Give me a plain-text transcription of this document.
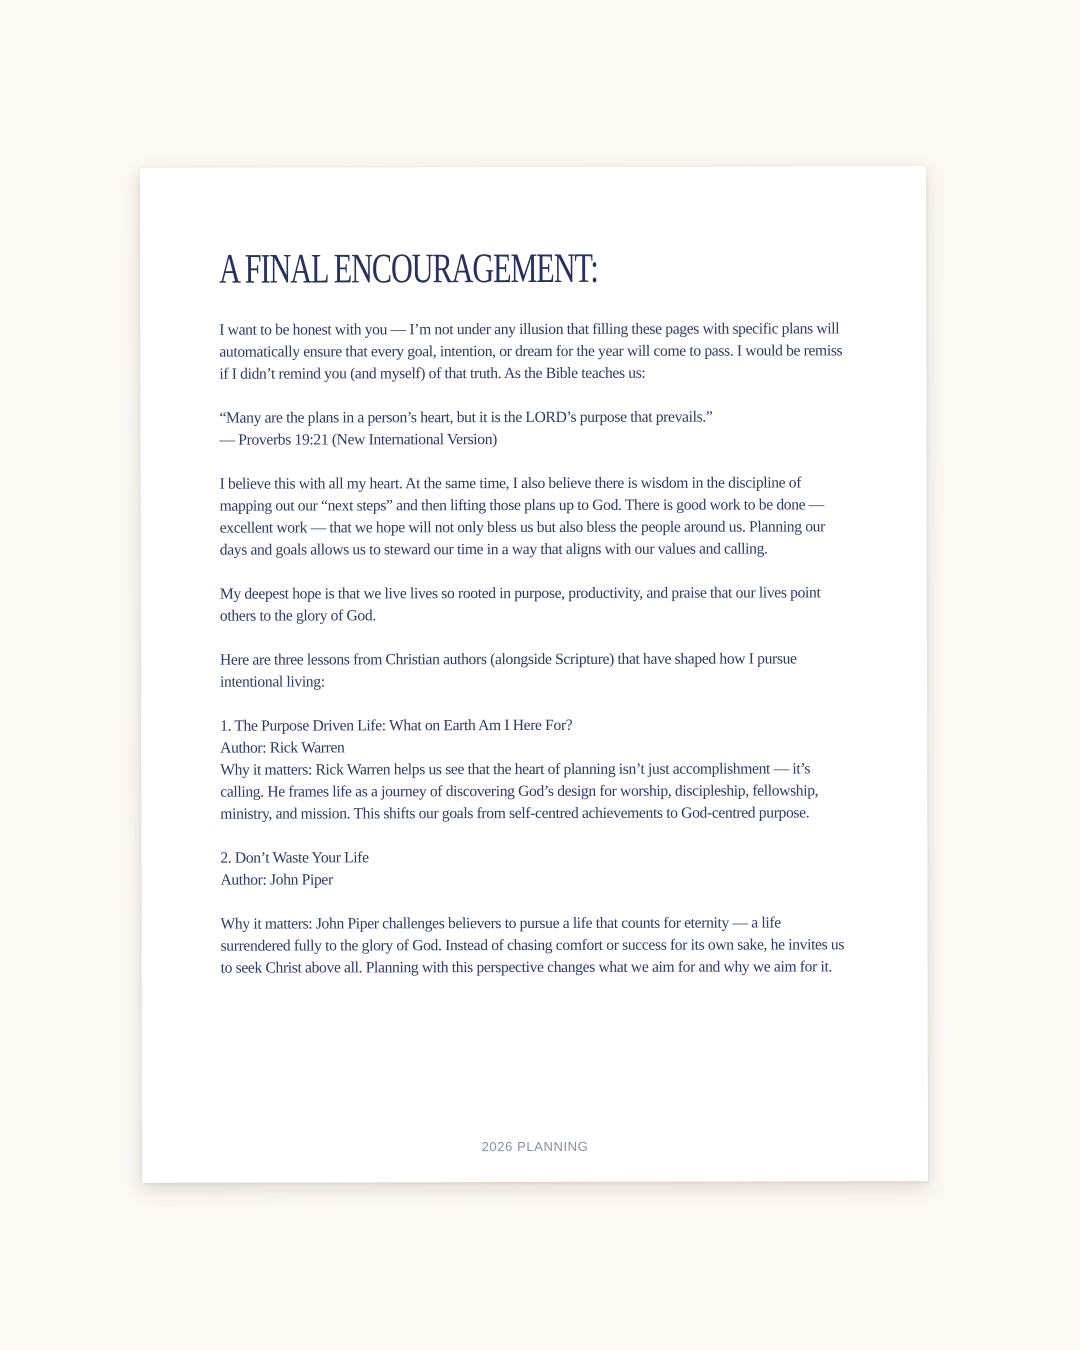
A FINAL ENCOURAGEMENT:

I want to be honest with you — I’m not under any illusion that filling these pages with specific plans will automatically ensure that every goal, intention, or dream for the year will come to pass. I would be remiss if I didn’t remind you (and myself) of that truth. As the Bible teaches us:

“Many are the plans in a person’s heart, but it is the LORD’s purpose that prevails.”
— Proverbs 19:21 (New International Version)

I believe this with all my heart. At the same time, I also believe there is wisdom in the discipline of mapping out our “next steps” and then lifting those plans up to God. There is good work to be done — excellent work — that we hope will not only bless us but also bless the people around us. Planning our days and goals allows us to steward our time in a way that aligns with our values and calling.

My deepest hope is that we live lives so rooted in purpose, productivity, and praise that our lives point others to the glory of God.

Here are three lessons from Christian authors (alongside Scripture) that have shaped how I pursue intentional living:

1. The Purpose Driven Life: What on Earth Am I Here For?
Author: Rick Warren
Why it matters: Rick Warren helps us see that the heart of planning isn’t just accomplishment — it’s calling. He frames life as a journey of discovering God’s design for worship, discipleship, fellowship, ministry, and mission. This shifts our goals from self-centred achievements to God-centred purpose.

2. Don’t Waste Your Life
Author: John Piper

Why it matters: John Piper challenges believers to pursue a life that counts for eternity — a life surrendered fully to the glory of God. Instead of chasing comfort or success for its own sake, he invites us to seek Christ above all. Planning with this perspective changes what we aim for and why we aim for it.

2026 PLANNING
